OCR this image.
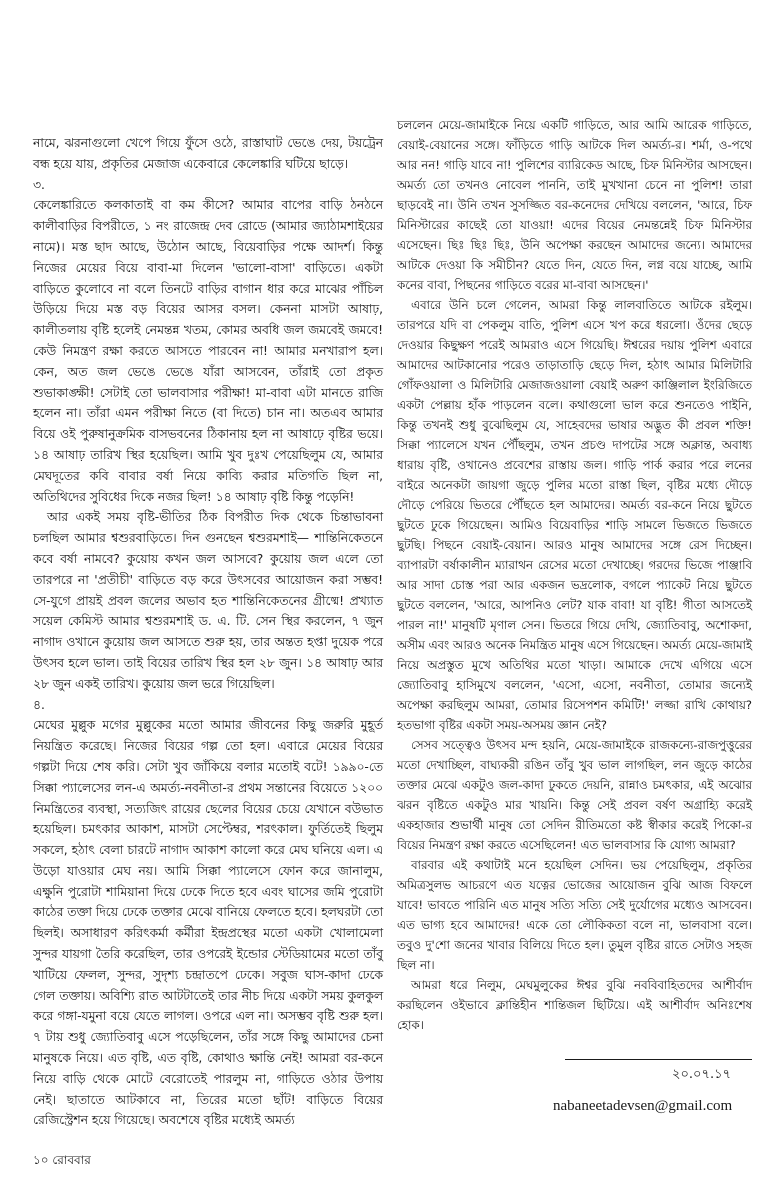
নামে, ঝরনাগুলো খেপে গিয়ে ফুঁসে ওঠে, রাস্তাঘাট ভেঙে দেয়, টয়ট্রেন বন্ধ হয়ে যায়, প্রকৃতির মেজাজ একেবারে কেলেঙ্কারি ঘটিয়ে ছাড়ে।

৩.

কেলেঙ্কারিতে কলকাতাই বা কম কীসে? আমার বাপের বাড়ি ঠনঠনে কালীবাড়ির বিপরীতে, ১ নং রাজেন্দ্র দেব রোডে (আমার জ্যাঠামশাইয়ের নামে)। মস্ত ছাদ আছে, উঠোন আছে, বিয়েবাড়ির পক্ষে আদর্শ। কিন্তু নিজের মেয়ের বিয়ে বাবা-মা দিলেন 'ভালো-বাসা' বাড়িতে। একটা বাড়িতে কুলোবে না বলে তিনটে বাড়ির বাগান ধার করে মাঝের পাঁচিল উড়িয়ে দিয়ে মস্ত বড় বিয়ের আসর বসল। কেননা মাসটা আষাঢ়, কালীতলায় বৃষ্টি হলেই নেমন্তন্ন খতম, কোমর অবধি জল জমবেই জমবে! কেউ নিমন্ত্রণ রক্ষা করতে আসতে পারবেন না! আমার মনখারাপ হল। কেন, অত জল ভেঙে ভেঙে যাঁরা আসবেন, তাঁরাই তো প্রকৃত শুভাকাঙ্ক্ষী! সেটাই তো ভালবাসার পরীক্ষা! মা-বাবা এটা মানতে রাজি হলেন না। তাঁরা এমন পরীক্ষা নিতে (বা দিতে) চান না। অতএব আমার বিয়ে ওই পুরুষানুক্রমিক বাসভবনের ঠিকানায় হল না আষাঢ়ে বৃষ্টির ভয়ে। ১৪ আষাঢ় তারিখ স্থির হয়েছিল। আমি খুব দুঃখ পেয়েছিলুম যে, আমার মেঘদূতের কবি বাবার বর্ষা নিয়ে কাব্যি করার মতিগতি ছিল না, অতিথিদের সুবিধের দিকে নজর ছিল! ১৪ আষাঢ় বৃষ্টি কিন্তু পড়েনি!

আর একই সময় বৃষ্টি-ভীতির ঠিক বিপরীত দিক থেকে চিন্তাভাবনা চলছিল আমার শ্বশুরবাড়িতে। দিন গুনছেন শ্বশুরমশাই— শান্তিনিকেতনে কবে বর্ষা নামবে? কুয়োয় কখন জল আসবে? কুয়োয় জল এলে তো তারপরে না 'প্রতীচী' বাড়িতে বড় করে উৎসবের আয়োজন করা সম্ভব! সে-যুগে প্রায়ই প্রবল জলের অভাব হত শান্তিনিকেতনের গ্রীষ্মে! প্রখ্যাত সয়েল কেমিস্ট আমার শ্বশুরমশাই ড. এ. টি. সেন স্থির করলেন, ৭ জুন নাগাদ ওখানে কুয়োয় জল আসতে শুরু হয়, তার অন্তত হপ্তা দুয়েক পরে উৎসব হলে ভাল। তাই বিয়ের তারিখ স্থির হল ২৮ জুন। ১৪ আষাঢ় আর ২৮ জুন একই তারিখ। কুয়োয় জল ভরে গিয়েছিল।

৪.

মেঘের মুল্লুক মগের মুল্লুকের মতো আমার জীবনের কিছু জরুরি মুহূর্ত নিয়ন্ত্রিত করেছে। নিজের বিয়ের গল্প তো হল। এবারে মেয়ের বিয়ের গল্পটা দিয়ে শেষ করি। সেটা খুব জাঁকিয়ে বলার মতোই বটে! ১৯৯০-তে সিক্কা প্যালেসের লন-এ অমর্ত্য-নবনীতা-র প্রথম সন্তানের বিয়েতে ১২০০ নিমন্ত্রিতের ব্যবস্থা, সত্যজিৎ রায়ের ছেলের বিয়ের চেয়ে যেখানে বউভাত হয়েছিল। চমৎকার আকাশ, মাসটা সেপ্টেম্বর, শরৎকাল। ফুর্তিতেই ছিলুম সকলে, হঠাৎ বেলা চারটে নাগাদ আকাশ কালো করে মেঘ ঘনিয়ে এল। এ উড়ো যাওয়ার মেঘ নয়। আমি সিক্কা প্যালেসে ফোন করে জানালুম, এক্ষুনি পুরোটা শামিয়ানা দিয়ে ঢেকে দিতে হবে এবং ঘাসের জমি পুরোটা কাঠের তক্তা দিয়ে ঢেকে তক্তার মেঝে বানিয়ে ফেলতে হবে। হলঘরটা তো ছিলই। অসাধারণ করিৎকর্মা কর্মীরা ইন্দ্রপ্রস্থের মতো একটা খোলামেলা সুন্দর যায়গা তৈরি করেছিল, তার ওপরেই ইন্ডোর স্টেডিয়ামের মতো তাঁবু খাটিয়ে ফেলল, সুন্দর, সুদৃশ্য চন্দ্রাতপে ঢেকে। সবুজ ঘাস-কাদা ঢেকে গেল তক্তায়। অবিশ্যি রাত আটটাতেই তার নীচ দিয়ে একটা সময় কুলকুল করে গঙ্গা-যমুনা বয়ে যেতে লাগল। ওপরে এল না। অসম্ভব বৃষ্টি শুরু হল। ৭ টায় শুধু জ্যোতিবাবু এসে পড়েছিলেন, তাঁর সঙ্গে কিছু আমাদের চেনা মানুষকে নিয়ে। এত বৃষ্টি, এত বৃষ্টি, কোথাও ক্ষান্তি নেই! আমরা বর-কনে নিয়ে বাড়ি থেকে মোটে বেরোতেই পারলুম না, গাড়িতে ওঠার উপায় নেই। ছাতাতে আটকাবে না, তিরের মতো ছাঁট! বাড়িতে বিয়ের রেজিস্ট্রেশন হয়ে গিয়েছে। অবশেষে বৃষ্টির মধ্যেই অমর্ত্য

চললেন মেয়ে-জামাইকে নিয়ে একটি গাড়িতে, আর আমি আরেক গাড়িতে, বেয়াই-বেয়ানের সঙ্গে। ফাঁড়িতে গাড়ি আটকে দিল অমর্ত্য-র। শর্মা, ও-পথে আর নন! গাড়ি যাবে না! পুলিশের ব্যারিকেড আছে, চিফ মিনিস্টার আসছেন। অমর্ত্য তো তখনও নোবেল পাননি, তাই মুখখানা চেনে না পুলিশ! তারা ছাড়বেই না। উনি তখন সুসজ্জিত বর-কনেদের দেখিয়ে বললেন, 'আরে, চিফ মিনিস্টারের কাছেই তো যাওয়া! এদের বিয়ের নেমন্তন্নেই চিফ মিনিস্টার এসেছেন। ছিঃ ছিঃ ছিঃ, উনি অপেক্ষা করছেন আমাদের জন্যে। আমাদের আটকে দেওয়া কি সমীচীন? যেতে দিন, যেতে দিন, লগ্ন বয়ে যাচ্ছে, আমি কনের বাবা, পিছনের গাড়িতে বরের মা-বাবা আসছেন।'

এবারে উনি চলে গেলেন, আমরা কিন্তু লালবাতিতে আটকে রইলুম। তারপরে যদি বা পেকলুম বাতি, পুলিশ এসে খপ করে ধরলো। ওঁদের ছেড়ে দেওয়ার কিছুক্ষণ পরেই আমরাও এসে গিয়েছি। ঈশ্বরের দয়ায় পুলিশ এবারে আমাদের আটকানোর পরেও তাড়াতাড়ি ছেড়ে দিল, হঠাৎ আমার মিলিটারি গোঁফওয়ালা ও মিলিটারি মেজাজওয়ালা বেয়াই অরুণ কাঞ্জিলাল ইংরিজিতে একটা পেল্লায় হাঁক পাড়লেন বলে। কথাগুলো ভাল করে শুনতেও পাইনি, কিন্তু তখনই শুধু বুঝেছিলুম যে, সাহেবদের ভাষার অদ্ভুত কী প্রবল শক্তি! সিক্কা প্যালেসে যখন পৌঁছলুম, তখন প্রচণ্ড দাপটের সঙ্গে অক্লান্ত, অবাধ্য ধারায় বৃষ্টি, ওখানেও প্রবেশের রাস্তায় জল। গাড়ি পার্ক করার পরে লনের বাইরে অনেকটা জায়গা জুড়ে পুলির মতো রাস্তা ছিল, বৃষ্টির মধ্যে দৌড়ে দৌড়ে পেরিয়ে ভিতরে পৌঁছতে হল আমাদের। অমর্ত্য বর-কনে নিয়ে ছুটতে ছুটতে ঢুকে গিয়েছেন। আমিও বিয়েবাড়ির শাড়ি সামলে ভিজতে ভিজতে ছুটছি। পিছনে বেয়াই-বেয়ান। আরও মানুষ আমাদের সঙ্গে রেস দিচ্ছেন। ব্যাপারটা বর্ষাকালীন ম্যারাথন রেসের মতো দেখাচ্ছে। গরদের ভিজে পাঞ্জাবি আর সাদা চোস্ত পরা আর একজন ভদ্রলোক, বগলে প্যাকেট নিয়ে ছুটতে ছুটতে বললেন, 'আরে, আপনিও লেট? যাক বাবা! যা বৃষ্টি! গীতা আসতেই পারল না!' মানুষটি মৃণাল সেন। ভিতরে গিয়ে দেখি, জ্যোতিবাবু, অশোকদা, অসীম এবং আরও অনেক নিমন্ত্রিত মানুষ এসে গিয়েছেন। অমর্ত্য মেয়ে-জামাই নিয়ে অপ্রস্তুত মুখে অতিথির মতো খাড়া। আমাকে দেখে এগিয়ে এসে জ্যোতিবাবু হাসিমুখে বললেন, 'এসো, এসো, নবনীতা, তোমার জন্যেই অপেক্ষা করছিলুম আমরা, তোমার রিসেপশন কমিটি!' লজ্জা রাখি কোথায়? হতভাগা বৃষ্টির একটা সময়-অসময় জ্ঞান নেই?

সেসব সত্ত্বেও উৎসব মন্দ হয়নি, মেয়ে-জামাইকে রাজকন্যে-রাজপুত্তুরের মতো দেখাচ্ছিল, বাঘ্যকরী রঙিন তাঁবু খুব ভাল লাগছিল, লন জুড়ে কাঠের তক্তার মেঝে একটুও জল-কাদা ঢুকতে দেয়নি, রান্নাও চমৎকার, এই অঝোর ঝরন বৃষ্টিতে একটুও মার খায়নি। কিন্তু সেই প্রবল বর্ষণ অগ্রাহ্যি করেই একহাজার শুভার্থী মানুষ তো সেদিন রীতিমতো কষ্ট স্বীকার করেই পিকো-র বিয়ের নিমন্ত্রণ রক্ষা করতে এসেছিলেন! এত ভালবাসার কি যোগ্য আমরা?

বারবার এই কথাটাই মনে হয়েছিল সেদিন। ভয় পেয়েছিলুম, প্রকৃতির অমিত্রসুলভ আচরণে এত যত্নের ভোজের আয়োজন বুঝি আজ বিফলে যাবে! ভাবতে পারিনি এত মানুষ সত্যি সত্যি সেই দুর্যোগের মধ্যেও আসবেন। এত ভাগ্য হবে আমাদের! একে তো লৌকিকতা বলে না, ভালবাসা বলে। তবুও দু'শো জনের খাবার বিলিয়ে দিতে হল। তুমুল বৃষ্টির রাতে সেটাও সহজ ছিল না।

আমরা ধরে নিলুম, মেঘমুলুকের ঈশ্বর বুঝি নববিবাহিতদের আশীর্বাদ করছিলেন ওইভাবে ক্লান্তিহীন শান্তিজল ছিটিয়ে। এই আশীর্বাদ অনিঃশেষ হোক।

২০.০৭.১৭
nabaneetadevsen@gmail.com
১০ রোববার
